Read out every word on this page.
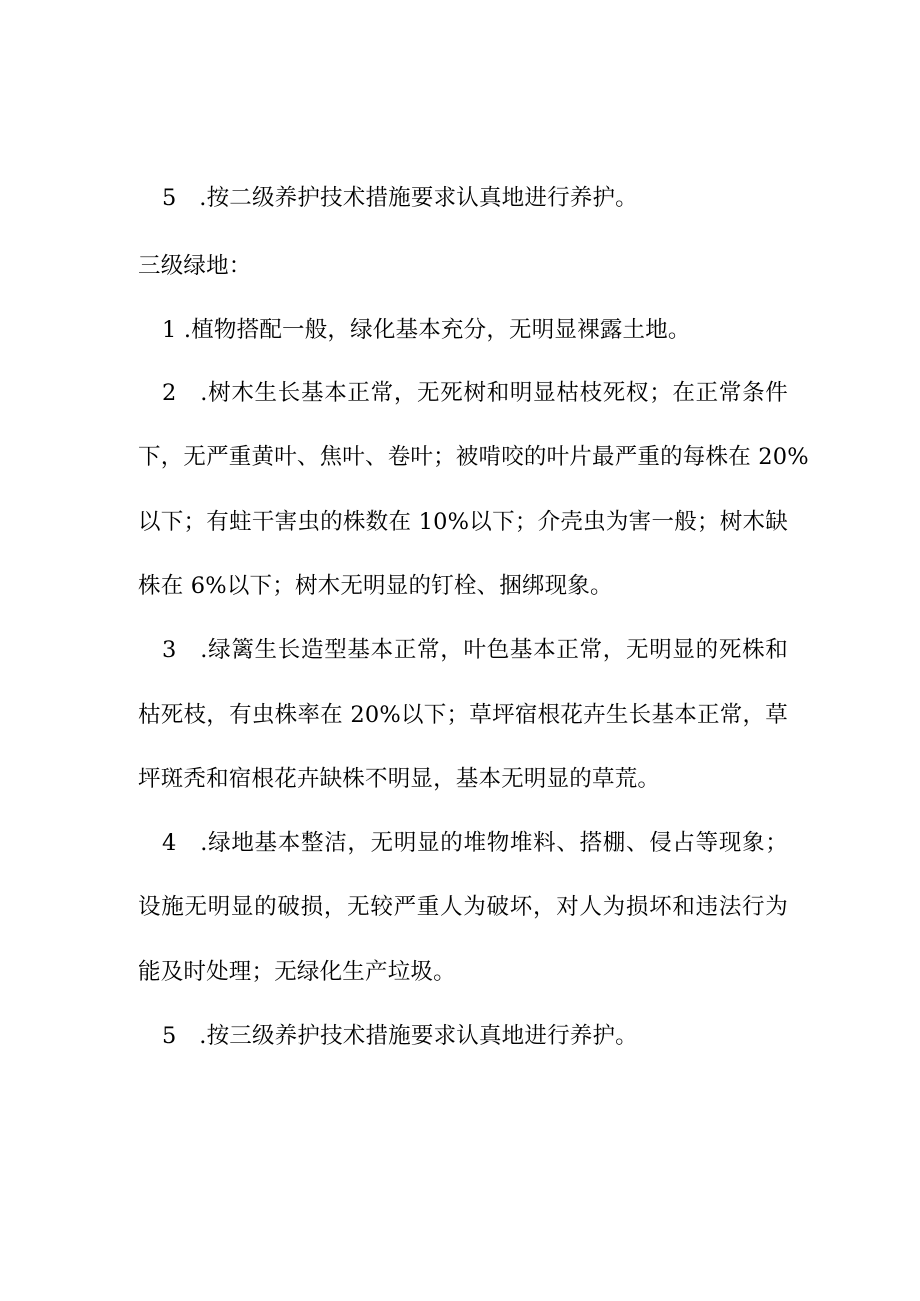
5　.按二级养护技术措施要求认真地进行养护。
三级绿地：
1 .植物搭配一般，绿化基本充分，无明显裸露土地。
2　.树木生长基本正常，无死树和明显枯枝死杈；在正常条件
下，无严重黄叶、焦叶、卷叶；被啃咬的叶片最严重的每株在 20%
以下；有蛀干害虫的株数在 10%以下；介壳虫为害一般；树木缺
株在 6%以下；树木无明显的钉栓、捆绑现象。
3　.绿篱生长造型基本正常，叶色基本正常，无明显的死株和
枯死枝，有虫株率在 20%以下；草坪宿根花卉生长基本正常，草
坪斑秃和宿根花卉缺株不明显，基本无明显的草荒。
4　.绿地基本整洁，无明显的堆物堆料、搭棚、侵占等现象；
设施无明显的破损，无较严重人为破坏，对人为损坏和违法行为
能及时处理；无绿化生产垃圾。
5　.按三级养护技术措施要求认真地进行养护。
